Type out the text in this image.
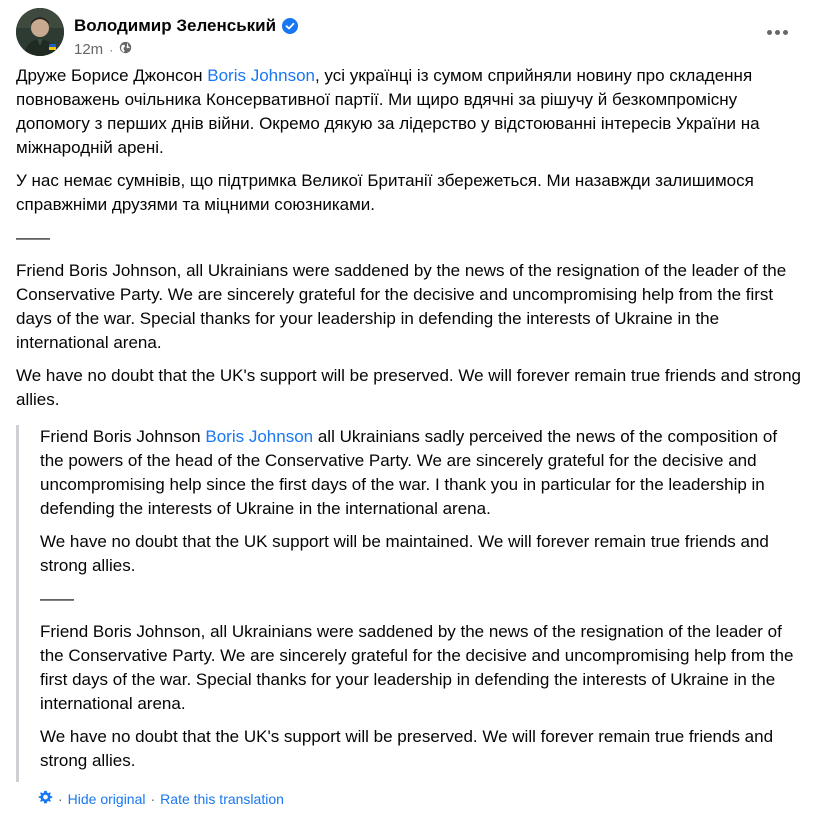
Володимир Зеленський
12m ·

Друже Борисе Джонсон Boris Johnson, усі українці із сумом сприйняли новину про складення повноважень очільника Консервативної партії. Ми щиро вдячні за рішучу й безкомпромісну допомогу з перших днів війни. Окремо дякую за лідерство у відстоюванні інтересів України на міжнародній арені.

У нас немає сумнівів, що підтримка Великої Британії збережеться. Ми назавжди залишимося справжніми друзями та міцними союзниками.

——

Friend Boris Johnson, all Ukrainians were saddened by the news of the resignation of the leader of the Conservative Party. We are sincerely grateful for the decisive and uncompromising help from the first days of the war. Special thanks for your leadership in defending the interests of Ukraine in the international arena.

We have no doubt that the UK's support will be preserved. We will forever remain true friends and strong allies.

Friend Boris Johnson Boris Johnson all Ukrainians sadly perceived the news of the composition of the powers of the head of the Conservative Party. We are sincerely grateful for the decisive and uncompromising help since the first days of the war. I thank you in particular for the leadership in defending the interests of Ukraine in the international arena.

We have no doubt that the UK support will be maintained. We will forever remain true friends and strong allies.

——

Friend Boris Johnson, all Ukrainians were saddened by the news of the resignation of the leader of the Conservative Party. We are sincerely grateful for the decisive and uncompromising help from the first days of the war. Special thanks for your leadership in defending the interests of Ukraine in the international arena.

We have no doubt that the UK's support will be preserved. We will forever remain true friends and strong allies.

· Hide original · Rate this translation
